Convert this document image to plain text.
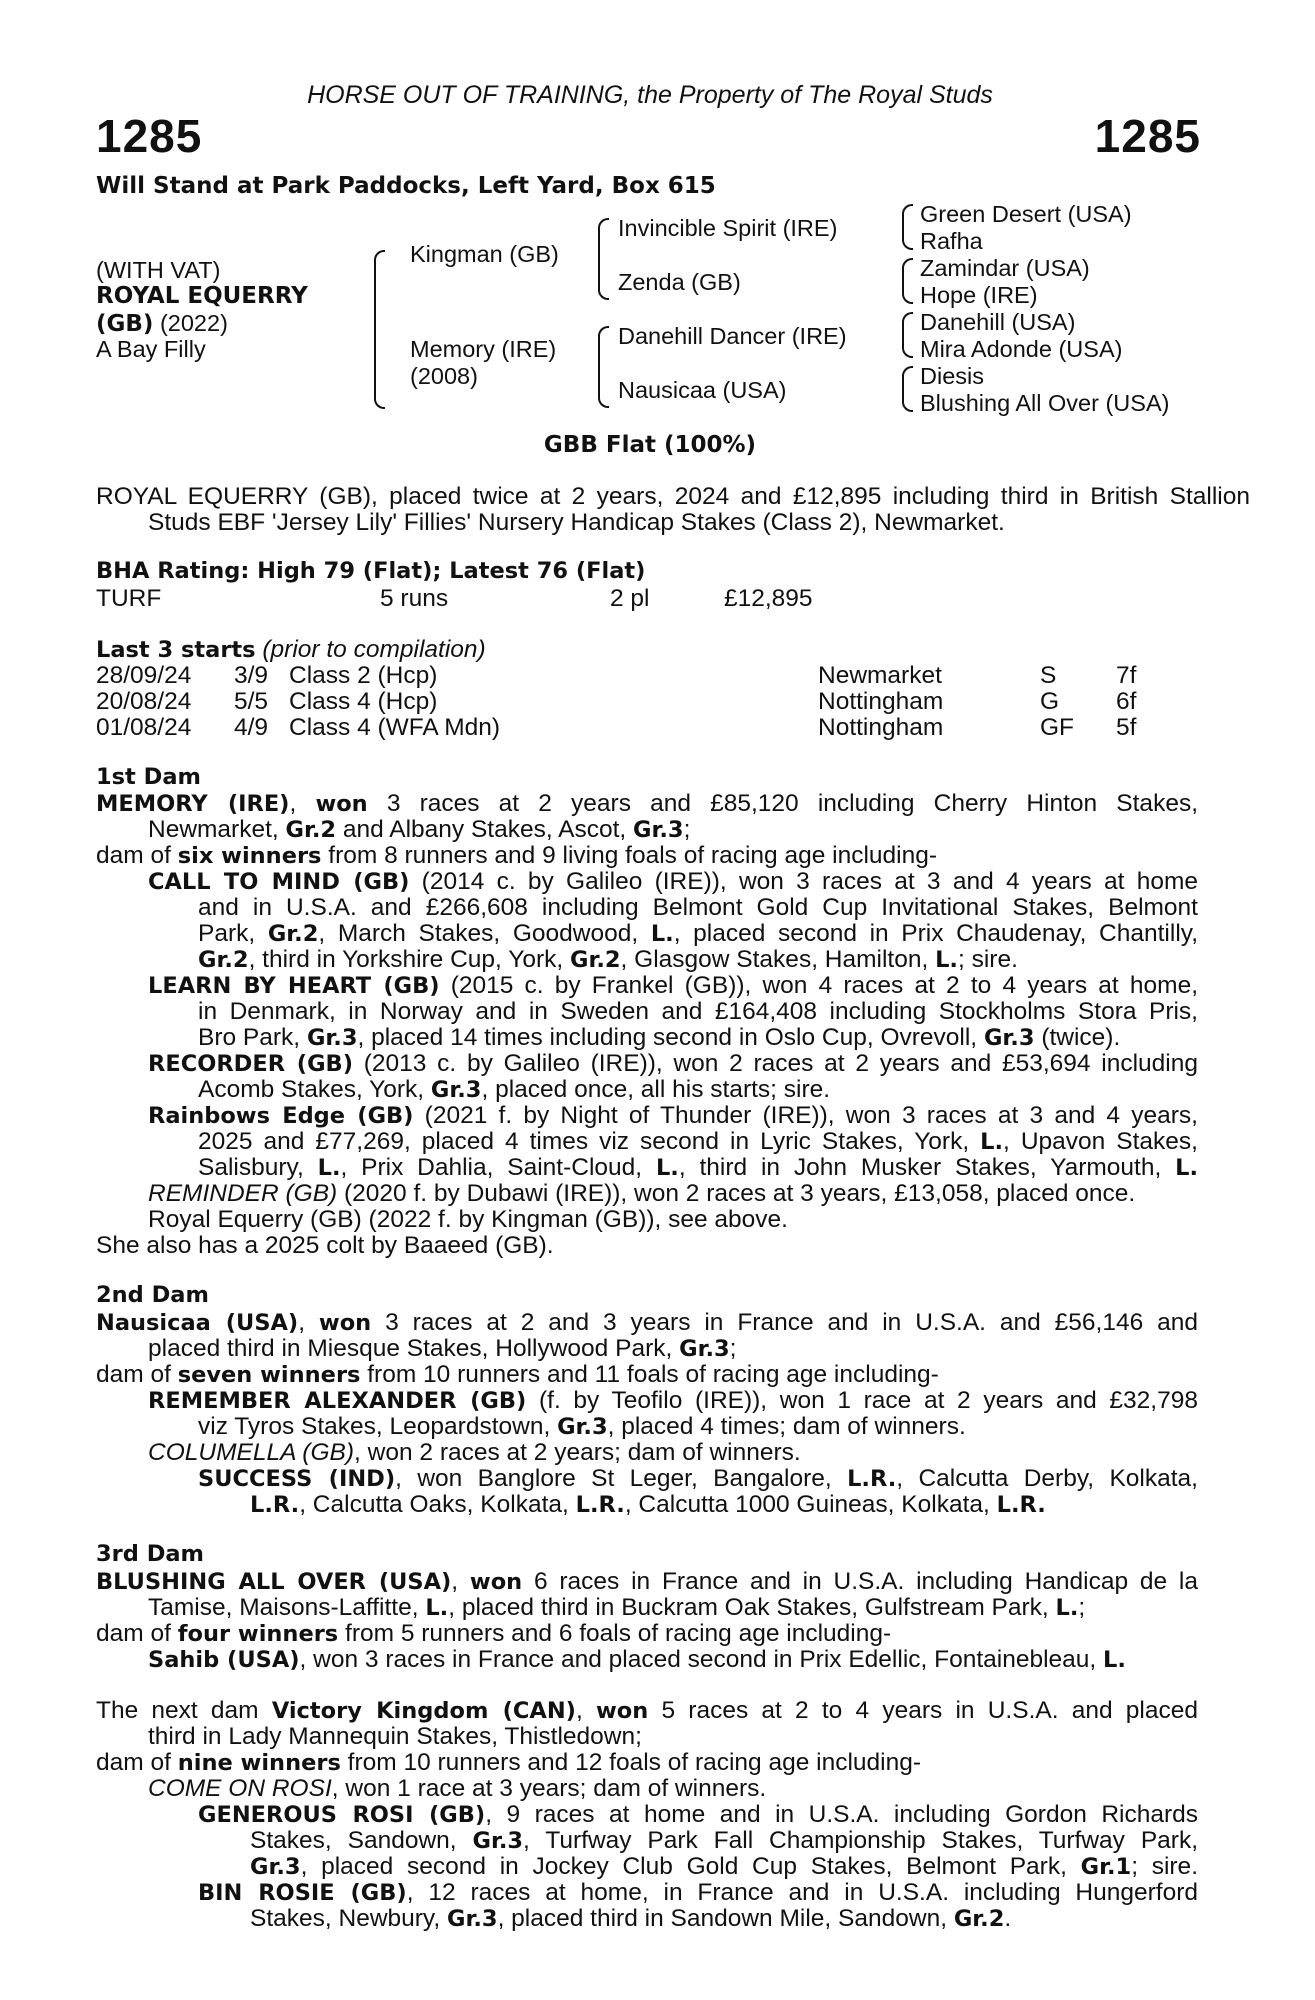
HORSE OUT OF TRAINING, the Property of The Royal Studs
1285	1285
Will Stand at Park Paddocks, Left Yard, Box 615
(WITH VAT)
ROYAL EQUERRY
(GB) (2022)
A Bay Filly
Kingman (GB)
Memory (IRE)
(2008)
Invincible Spirit (IRE)
Zenda (GB)
Danehill Dancer (IRE)
Nausicaa (USA)
Green Desert (USA)
Rafha
Zamindar (USA)
Hope (IRE)
Danehill (USA)
Mira Adonde (USA)
Diesis
Blushing All Over (USA)
GBB Flat (100%)
ROYAL EQUERRY (GB), placed twice at 2 years, 2024 and £12,895 including third in British Stallion Studs EBF 'Jersey Lily' Fillies' Nursery Handicap Stakes (Class 2), Newmarket.
BHA Rating: High 79 (Flat); Latest 76 (Flat)
TURF	5 runs	2 pl	£12,895
Last 3 starts (prior to compilation)
28/09/24 3/9 Class 2 (Hcp)	Newmarket	S 7f
20/08/24 5/5 Class 4 (Hcp)	Nottingham	G 6f
01/08/24 4/9 Class 4 (WFA Mdn)	Nottingham	GF 5f
1st Dam
MEMORY (IRE), won 3 races at 2 years and £85,120 including Cherry Hinton Stakes,
Newmarket, Gr.2 and Albany Stakes, Ascot, Gr.3;
dam of six winners from 8 runners and 9 living foals of racing age including-
CALL TO MIND (GB) (2014 c. by Galileo (IRE)), won 3 races at 3 and 4 years at home
and in U.S.A. and £266,608 including Belmont Gold Cup Invitational Stakes, Belmont
Park, Gr.2, March Stakes, Goodwood, L., placed second in Prix Chaudenay, Chantilly,
Gr.2, third in Yorkshire Cup, York, Gr.2, Glasgow Stakes, Hamilton, L.; sire.
LEARN BY HEART (GB) (2015 c. by Frankel (GB)), won 4 races at 2 to 4 years at home,
in Denmark, in Norway and in Sweden and £164,408 including Stockholms Stora Pris,
Bro Park, Gr.3, placed 14 times including second in Oslo Cup, Ovrevoll, Gr.3 (twice).
RECORDER (GB) (2013 c. by Galileo (IRE)), won 2 races at 2 years and £53,694 including
Acomb Stakes, York, Gr.3, placed once, all his starts; sire.
Rainbows Edge (GB) (2021 f. by Night of Thunder (IRE)), won 3 races at 3 and 4 years,
2025 and £77,269, placed 4 times viz second in Lyric Stakes, York, L., Upavon Stakes,
Salisbury, L., Prix Dahlia, Saint-Cloud, L., third in John Musker Stakes, Yarmouth, L.
REMINDER (GB) (2020 f. by Dubawi (IRE)), won 2 races at 3 years, £13,058, placed once.
Royal Equerry (GB) (2022 f. by Kingman (GB)), see above.
She also has a 2025 colt by Baaeed (GB).
2nd Dam
Nausicaa (USA), won 3 races at 2 and 3 years in France and in U.S.A. and £56,146 and
placed third in Miesque Stakes, Hollywood Park, Gr.3;
dam of seven winners from 10 runners and 11 foals of racing age including-
REMEMBER ALEXANDER (GB) (f. by Teofilo (IRE)), won 1 race at 2 years and £32,798
viz Tyros Stakes, Leopardstown, Gr.3, placed 4 times; dam of winners.
COLUMELLA (GB), won 2 races at 2 years; dam of winners.
SUCCESS (IND), won Banglore St Leger, Bangalore, L.R., Calcutta Derby, Kolkata,
L.R., Calcutta Oaks, Kolkata, L.R., Calcutta 1000 Guineas, Kolkata, L.R.
3rd Dam
BLUSHING ALL OVER (USA), won 6 races in France and in U.S.A. including Handicap de la
Tamise, Maisons-Laffitte, L., placed third in Buckram Oak Stakes, Gulfstream Park, L.;
dam of four winners from 5 runners and 6 foals of racing age including-
Sahib (USA), won 3 races in France and placed second in Prix Edellic, Fontainebleau, L.
The next dam Victory Kingdom (CAN), won 5 races at 2 to 4 years in U.S.A. and placed
third in Lady Mannequin Stakes, Thistledown;
dam of nine winners from 10 runners and 12 foals of racing age including-
COME ON ROSI, won 1 race at 3 years; dam of winners.
GENEROUS ROSI (GB), 9 races at home and in U.S.A. including Gordon Richards
Stakes, Sandown, Gr.3, Turfway Park Fall Championship Stakes, Turfway Park,
Gr.3, placed second in Jockey Club Gold Cup Stakes, Belmont Park, Gr.1; sire.
BIN ROSIE (GB), 12 races at home, in France and in U.S.A. including Hungerford
Stakes, Newbury, Gr.3, placed third in Sandown Mile, Sandown, Gr.2.
